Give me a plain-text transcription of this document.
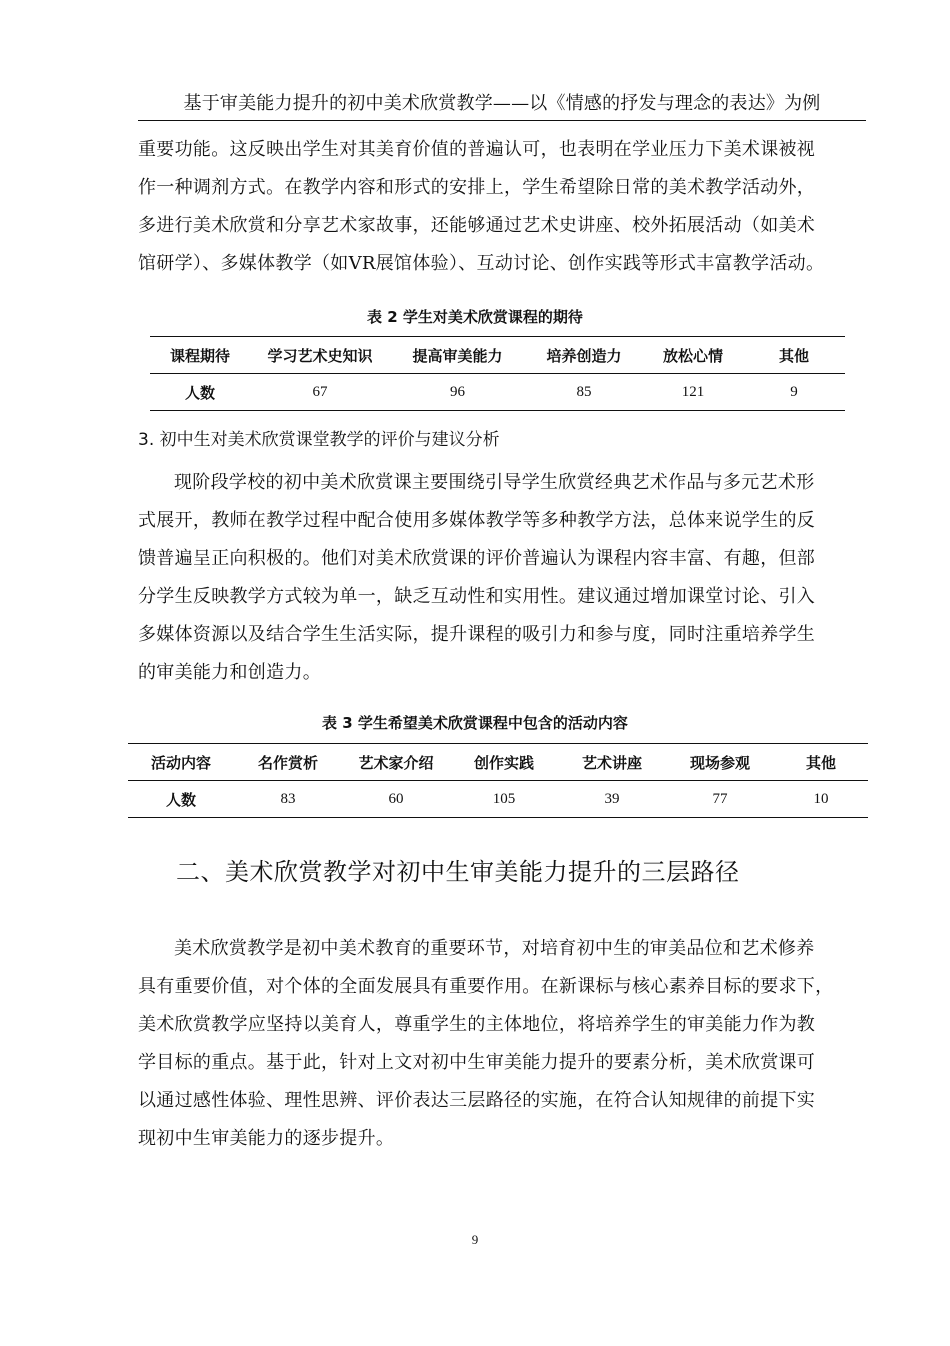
基于审美能力提升的初中美术欣赏教学——以《情感的抒发与理念的表达》为例

重要功能。这反映出学生对其美育价值的普遍认可，也表明在学业压力下美术课被视
作一种调剂方式。在教学内容和形式的安排上，学生希望除日常的美术教学活动外，
多进行美术欣赏和分享艺术家故事，还能够通过艺术史讲座、校外拓展活动（如美术
馆研学）、多媒体教学（如VR展馆体验）、互动讨论、创作实践等形式丰富教学活动。

表 2 学生对美术欣赏课程的期待
课程期待	学习艺术史知识	提高审美能力	培养创造力	放松心情	其他
人数	67	96	85	121	9
3. 初中生对美术欣赏课堂教学的评价与建议分析

现阶段学校的初中美术欣赏课主要围绕引导学生欣赏经典艺术作品与多元艺术形
式展开，教师在教学过程中配合使用多媒体教学等多种教学方法，总体来说学生的反
馈普遍呈正向积极的。他们对美术欣赏课的评价普遍认为课程内容丰富、有趣，但部
分学生反映教学方式较为单一，缺乏互动性和实用性。建议通过增加课堂讨论、引入
多媒体资源以及结合学生生活实际，提升课程的吸引力和参与度，同时注重培养学生
的审美能力和创造力。

表 3 学生希望美术欣赏课程中包含的活动内容
活动内容	名作赏析	艺术家介绍	创作实践	艺术讲座	现场参观	其他
人数	83	60	105	39	77	10
二、美术欣赏教学对初中生审美能力提升的三层路径

美术欣赏教学是初中美术教育的重要环节，对培育初中生的审美品位和艺术修养
具有重要价值，对个体的全面发展具有重要作用。在新课标与核心素养目标的要求下，
美术欣赏教学应坚持以美育人，尊重学生的主体地位，将培养学生的审美能力作为教
学目标的重点。基于此，针对上文对初中生审美能力提升的要素分析，美术欣赏课可
以通过感性体验、理性思辨、评价表达三层路径的实施，在符合认知规律的前提下实
现初中生审美能力的逐步提升。

9
